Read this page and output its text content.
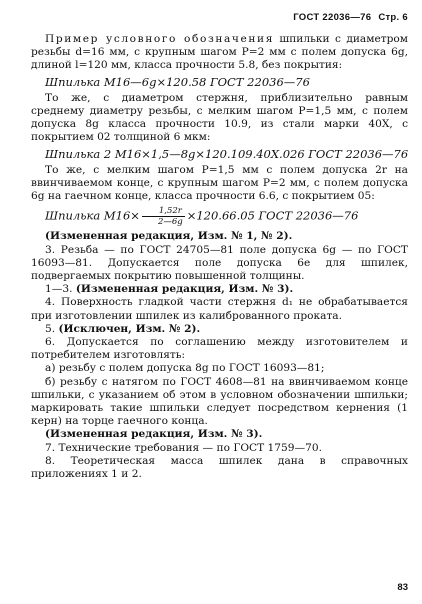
ГОСТ 22036—76 Стр. 6

Пример условного обозначения шпильки с диаметром резьбы d=16 мм, с крупным шагом P=2 мм с полем допуска 6g, длиной l=120 мм, класса прочности 5.8, без покрытия:

Шпилька М16—6g×120.58 ГОСТ 22036—76

То же, с диаметром стержня, приблизительно равным среднему диаметру резьбы, с мелким шагом P=1,5 мм, с полем допуска 8g класса прочности 10.9, из стали марки 40Х, с покрытием 02 толщиной 6 мкм:

Шпилька 2 М16×1,5—8g×120.109.40Х.026 ГОСТ 22036—76

То же, с мелким шагом P=1,5 мм с полем допуска 2r на ввинчиваемом конце, с крупным шагом P=2 мм, с полем допуска 6g на гаечном конце, класса прочности 6.6, с покрытием 05:

Шпилька $М16\times \frac{1,52r}{2—6g} \times 120.66.05$ ГОСТ 22036—76

(Измененная редакция, Изм. № 1, № 2).

3. Резьба — по ГОСТ 24705—81 поле допуска 6g — по ГОСТ 16093—81. Допускается поле допуска 6е для шпилек, подвергаемых покрытию повышенной толщины.

1—3. (Измененная редакция, Изм. № 3).

4. Поверхность гладкой части стержня d₁ не обрабатывается при изготовлении шпилек из калиброванного проката.

5. (Исключен, Изм. № 2).

6. Допускается по соглашению между изготовителем и потребителем изготовлять:

а) резьбу с полем допуска 8g по ГОСТ 16093—81;

б) резьбу с натягом по ГОСТ 4608—81 на ввинчиваемом конце шпильки, с указанием об этом в условном обозначении шпильки; маркировать такие шпильки следует посредством кернения (1 керн) на торце гаечного конца.

(Измененная редакция, Изм. № 3).

7. Технические требования — по ГОСТ 1759—70.

8. Теоретическая масса шпилек дана в справочных приложениях 1 и 2.

83
